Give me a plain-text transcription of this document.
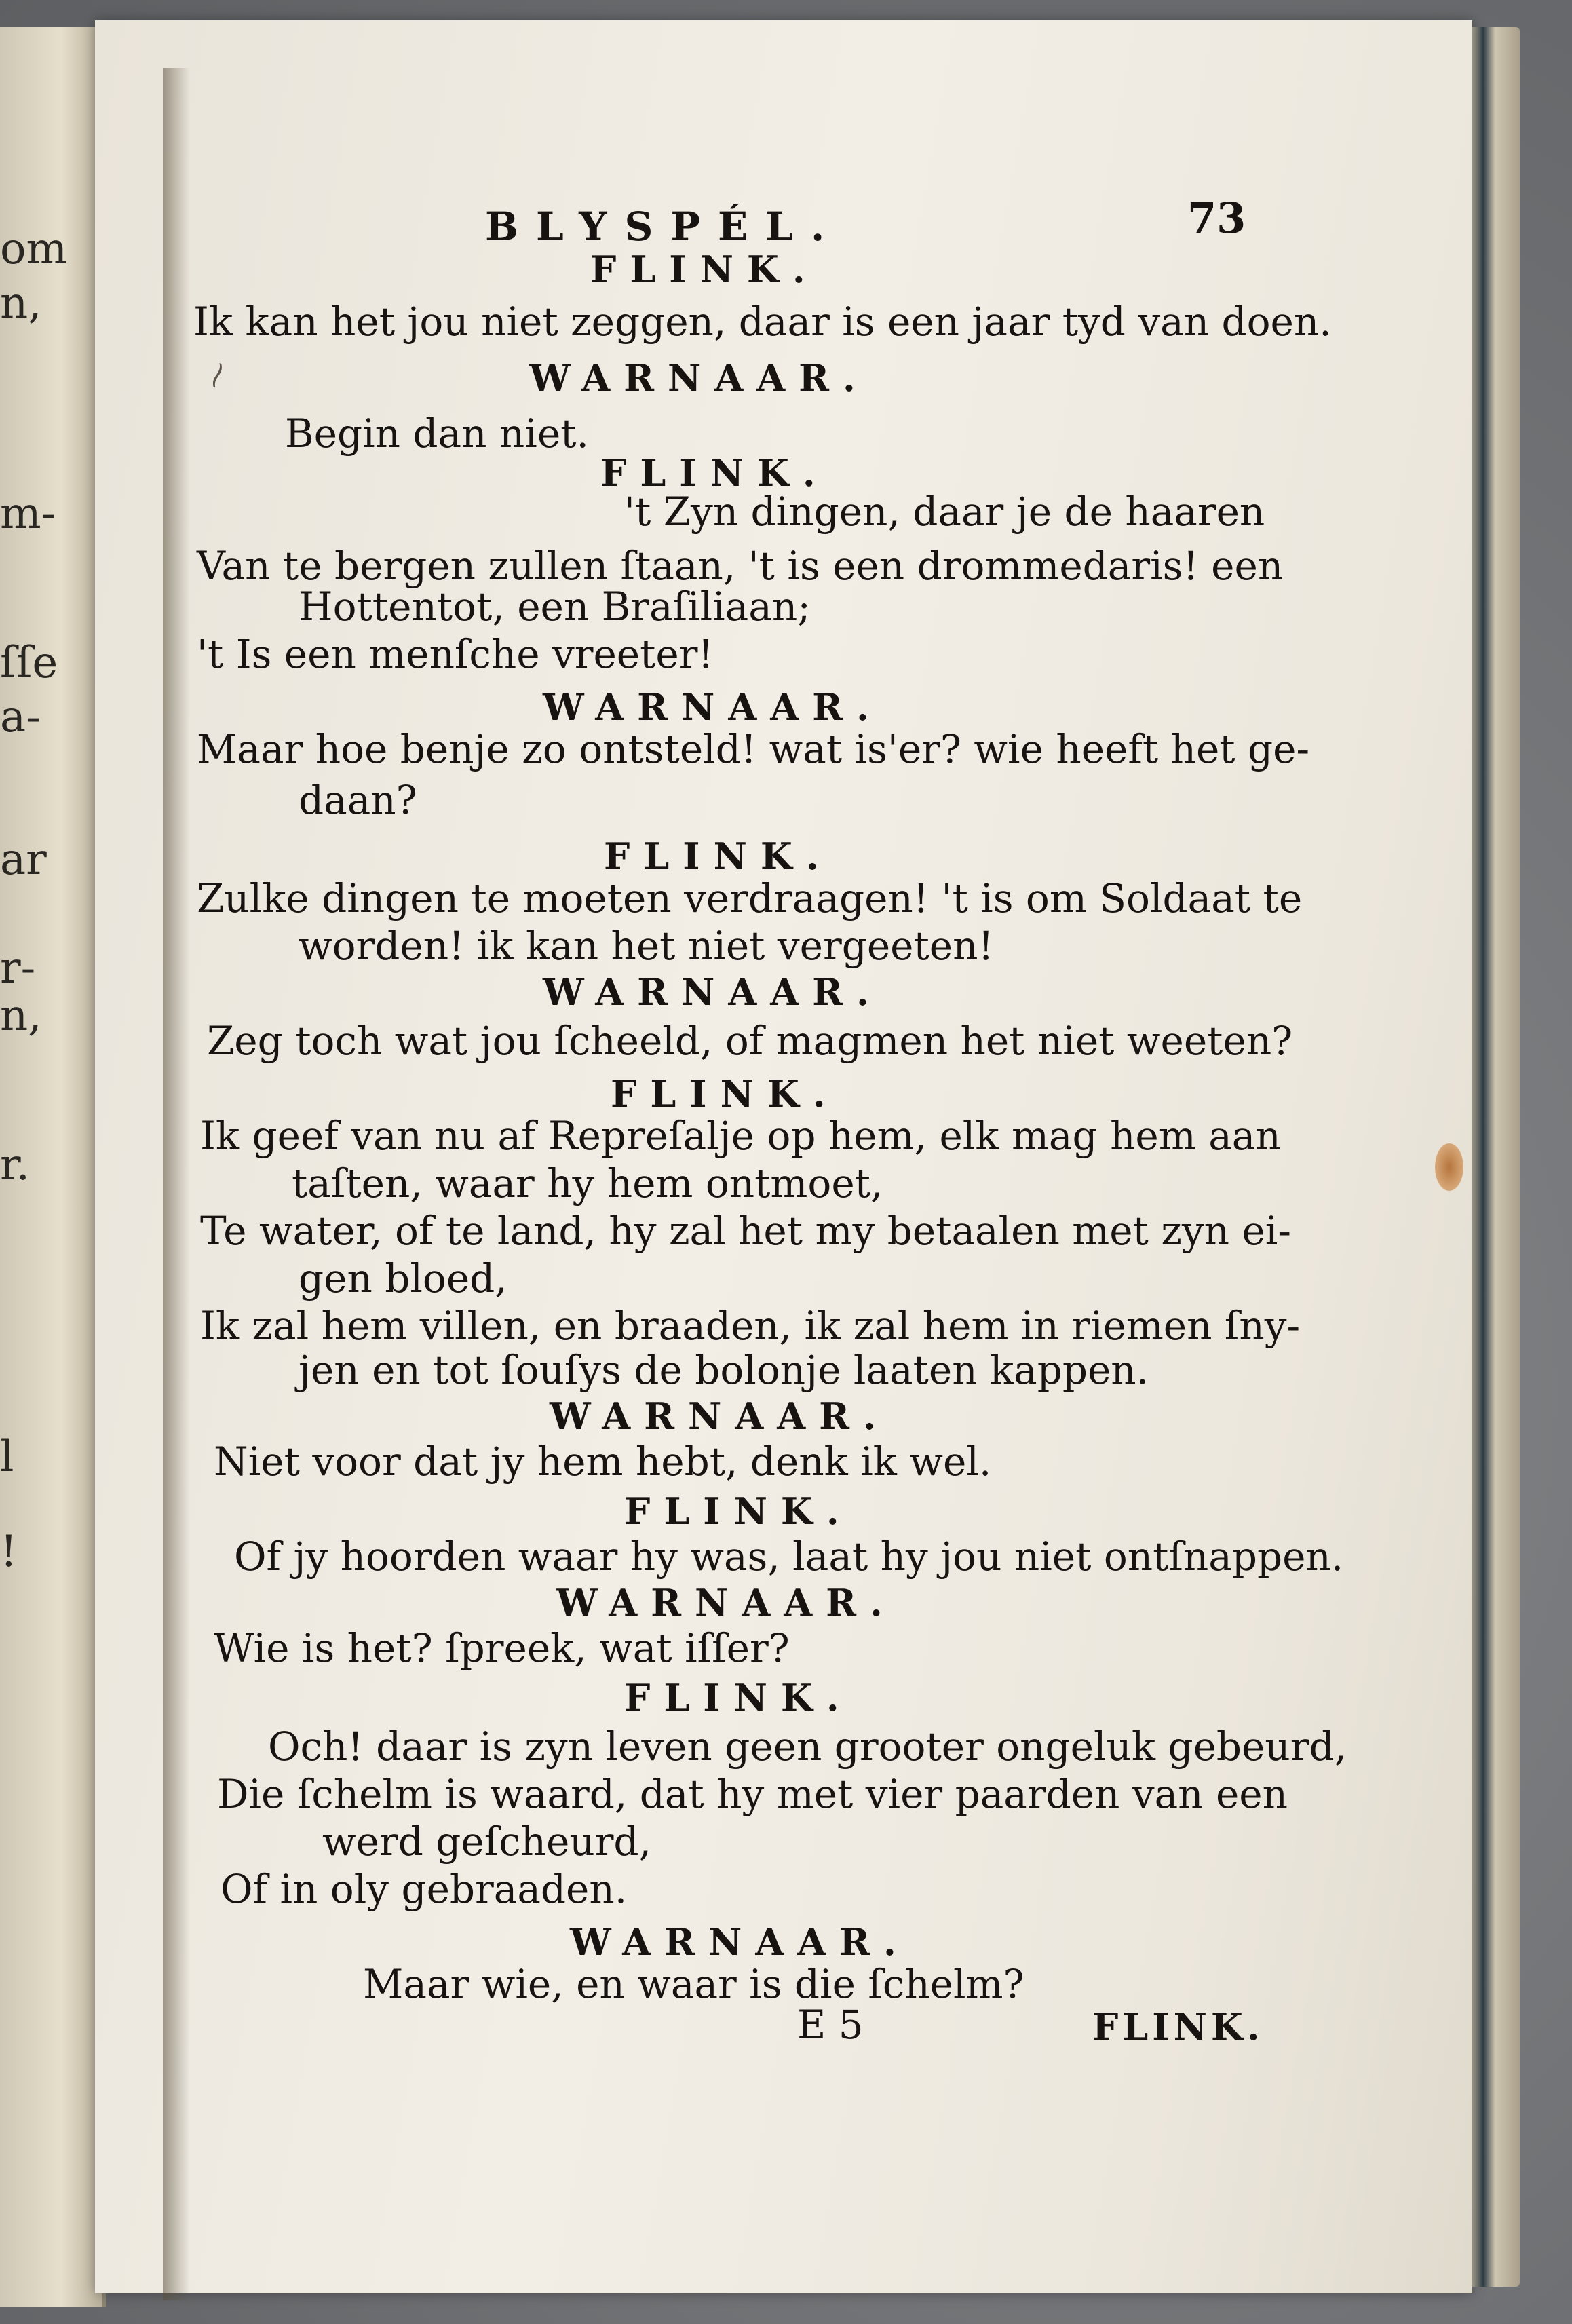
om
n,
m-
ſſe
a-
ar
r-
n,
r.
l
!
⁓
BLYSPÉL.	73
FLINK.
Ik kan het jou niet zeggen, daar is een jaar tyd van doen.
WARNAAR.
Begin dan niet.
FLINK.
't Zyn dingen, daar je de haaren
Van te bergen zullen ſtaan, 't is een drommedaris! een
Hottentot, een Braſiliaan;
't Is een menſche vreeter!
WARNAAR.
Maar hoe benje zo ontsteld! wat is'er? wie heeft het ge-
daan?
FLINK.
Zulke dingen te moeten verdraagen! 't is om Soldaat te
worden! ik kan het niet vergeeten!
WARNAAR.
Zeg toch wat jou ſcheeld, of magmen het niet weeten?
FLINK.
Ik geef van nu af Repreſalje op hem, elk mag hem aan
taſten, waar hy hem ontmoet,
Te water, of te land, hy zal het my betaalen met zyn ei-
gen bloed,
Ik zal hem villen, en braaden, ik zal hem in riemen ſny-
jen en tot ſouſys de bolonje laaten kappen.
WARNAAR.
Niet voor dat jy hem hebt, denk ik wel.
FLINK.
Of jy hoorden waar hy was, laat hy jou niet ontſnappen.
WARNAAR.
Wie is het? ſpreek, wat iſſer?
FLINK.
Och! daar is zyn leven geen grooter ongeluk gebeurd,
Die ſchelm is waard, dat hy met vier paarden van een
werd geſcheurd,
Of in oly gebraaden.
WARNAAR.
Maar wie, en waar is die ſchelm?
E 5	FLINK.
